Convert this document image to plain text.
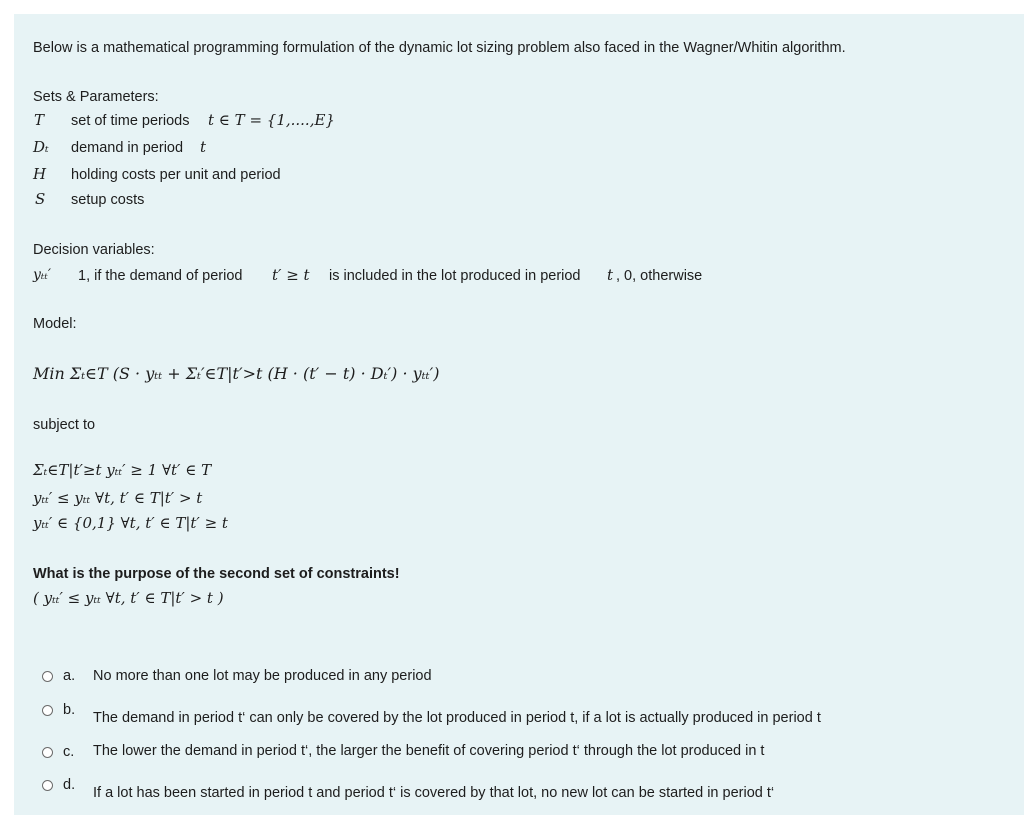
Below is a mathematical programming formulation of the dynamic lot sizing problem also faced in the Wagner/Whitin algorithm.
Sets & Parameters:
T set of time periods t ∈ T = {1,....,E}
Dₜ demand in period t
H holding costs per unit and period
S setup costs
Decision variables:
yₜₜ′ 1, if the demand of period t′ ≥ t is included in the lot produced in period t , 0, otherwise
Model:
Min Σₜ∈T (S · yₜₜ + Σₜ′∈T|t′>t (H · (t′ − t) · Dₜ′) · yₜₜ′)
subject to
Σₜ∈T|t′≥t yₜₜ′ ≥ 1 ∀t′ ∈ T
yₜₜ′ ≤ yₜₜ ∀t, t′ ∈ T|t′ > t
yₜₜ′ ∈ {0,1} ∀t, t′ ∈ T|t′ ≥ t
What is the purpose of the second set of constraints!
( yₜₜ′ ≤ yₜₜ ∀t, t′ ∈ T|t′ > t )
a. No more than one lot may be produced in any period
b. The demand in period t‘ can only be covered by the lot produced in period t, if a lot is actually produced in period t
c. The lower the demand in period t‘, the larger the benefit of covering period t‘ through the lot produced in t
d. If a lot has been started in period t and period t‘ is covered by that lot, no new lot can be started in period t‘
